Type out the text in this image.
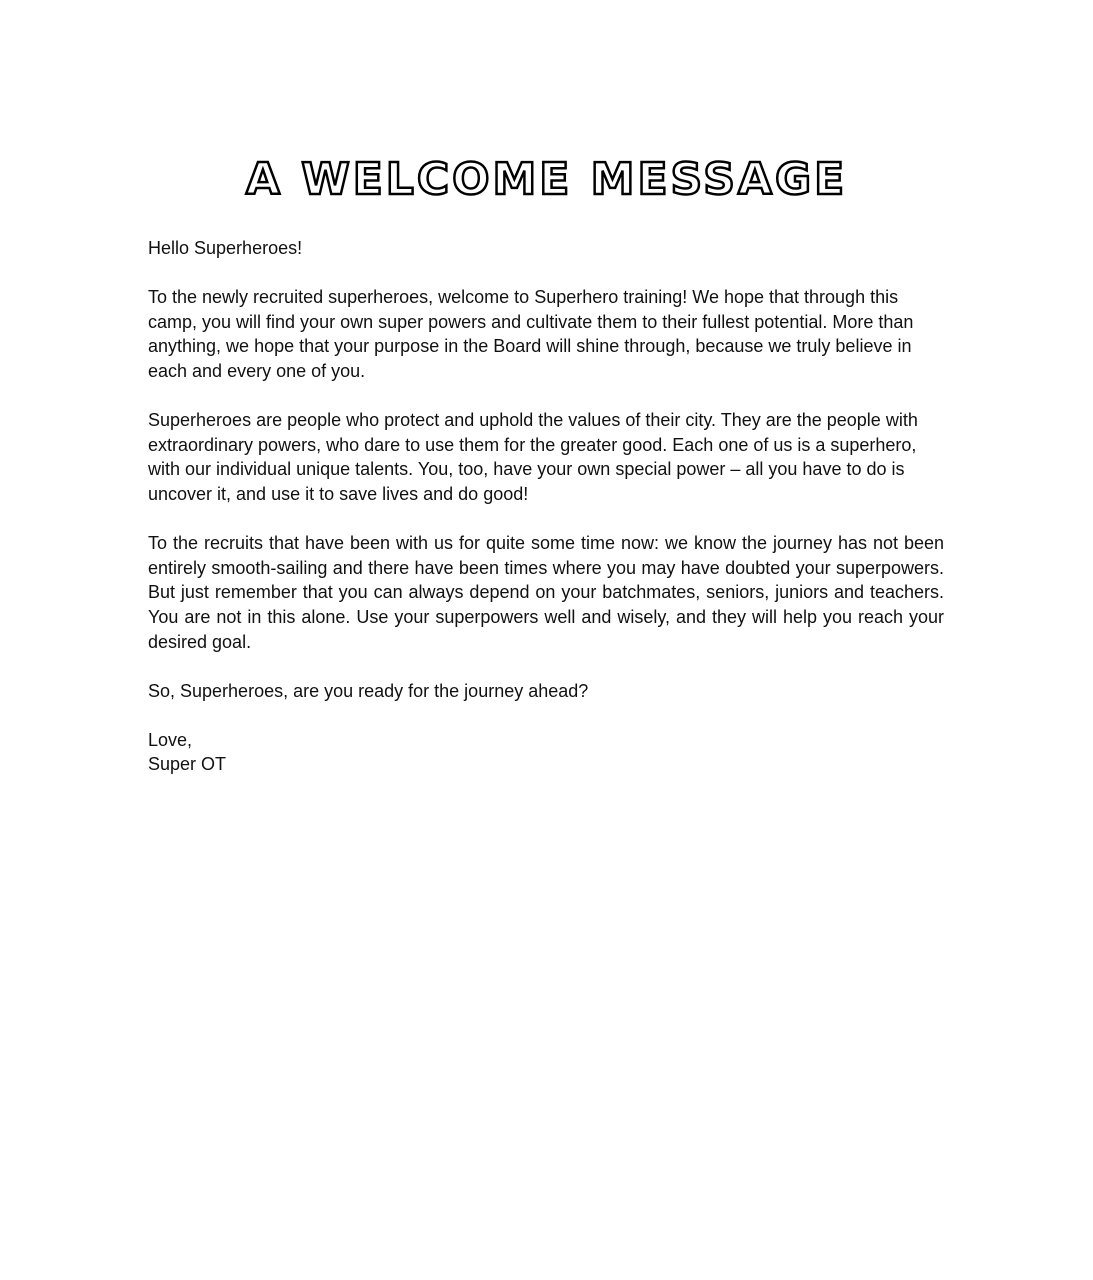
A WELCOME MESSAGE

Hello Superheroes!

To the newly recruited superheroes, welcome to Superhero training! We hope that through this camp, you will find your own super powers and cultivate them to their fullest potential. More than anything, we hope that your purpose in the Board will shine through, because we truly believe in each and every one of you.

Superheroes are people who protect and uphold the values of their city. They are the people with extraordinary powers, who dare to use them for the greater good. Each one of us is a superhero, with our individual unique talents. You, too, have your own special power – all you have to do is uncover it, and use it to save lives and do good!

To the recruits that have been with us for quite some time now: we know the journey has not been entirely smooth-sailing and there have been times where you may have doubted your superpowers. But just remember that you can always depend on your batchmates, seniors, juniors and teachers. You are not in this alone. Use your superpowers well and wisely, and they will help you reach your desired goal.

So, Superheroes, are you ready for the journey ahead?

Love,
Super OT
